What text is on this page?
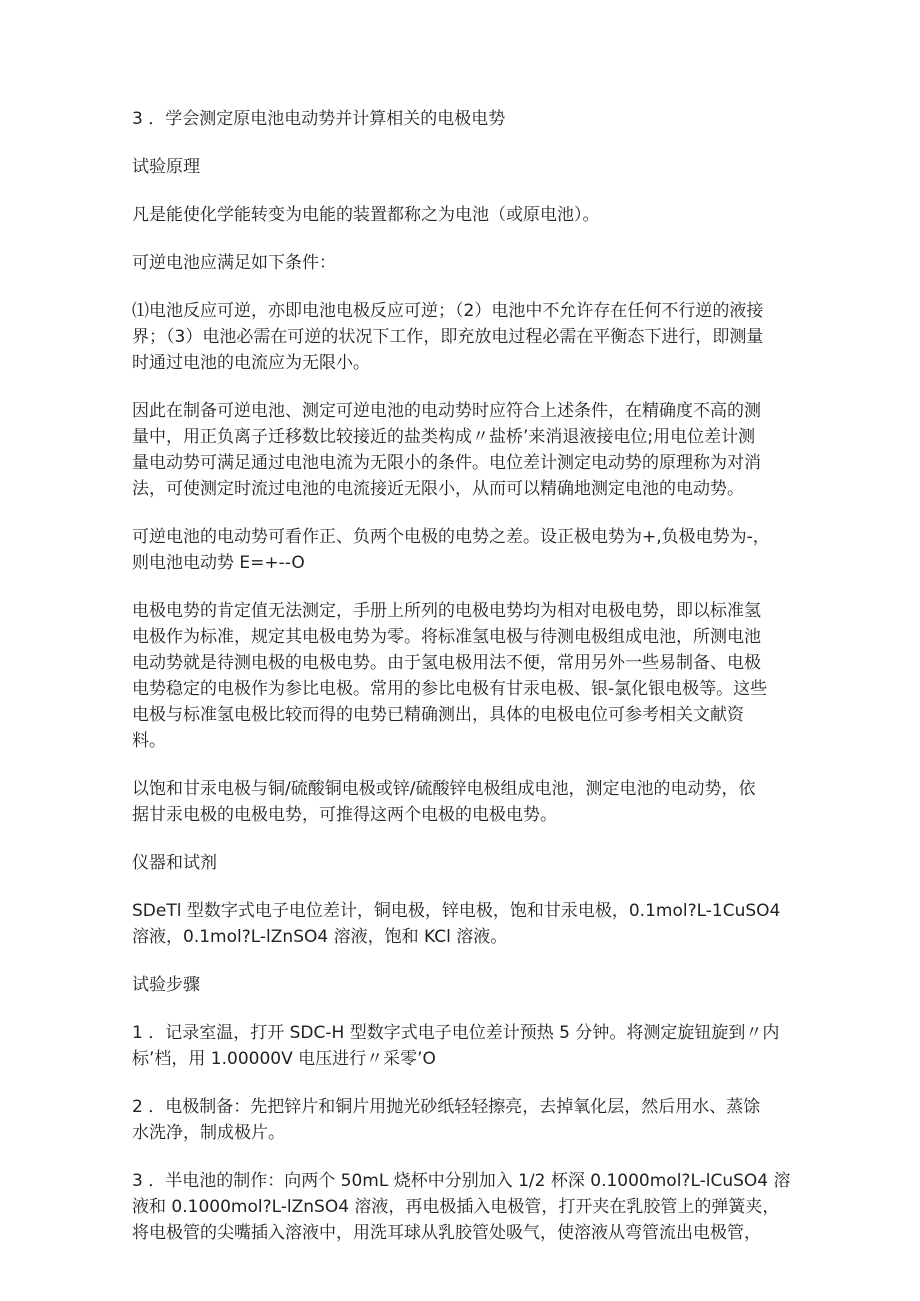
3 ．学会测定原电池电动势并计算相关的电极电势

试验原理

凡是能使化学能转变为电能的装置都称之为电池（或原电池）。

可逆电池应满足如下条件：

⑴电池反应可逆，亦即电池电极反应可逆；（2）电池中不允许存在任何不行逆的液接
界；（3）电池必需在可逆的状况下工作，即充放电过程必需在平衡态下进行，即测量
时通过电池的电流应为无限小。

因此在制备可逆电池、测定可逆电池的电动势时应符合上述条件，在精确度不高的测
量中，用正负离子迁移数比较接近的盐类构成〃盐桥’来消退液接电位;用电位差计测
量电动势可满足通过电池电流为无限小的条件。电位差计测定电动势的原理称为对消
法，可使测定时流过电池的电流接近无限小，从而可以精确地测定电池的电动势。

可逆电池的电动势可看作正、负两个电极的电势之差。设正极电势为+,负极电势为-，
则电池电动势 E=+--O

电极电势的肯定值无法测定，手册上所列的电极电势均为相对电极电势，即以标准氢
电极作为标准，规定其电极电势为零。将标准氢电极与待测电极组成电池，所测电池
电动势就是待测电极的电极电势。由于氢电极用法不便，常用另外一些易制备、电极
电势稳定的电极作为参比电极。常用的参比电极有甘汞电极、银-氯化银电极等。这些
电极与标准氢电极比较而得的电势已精确测出，具体的电极电位可参考相关文献资
料。

以饱和甘汞电极与铜/硫酸铜电极或锌/硫酸锌电极组成电池，测定电池的电动势，依
据甘汞电极的电极电势，可推得这两个电极的电极电势。

仪器和试剂

SDeTl 型数字式电子电位差计，铜电极，锌电极，饱和甘汞电极，0.1mol?L-1CuSO4
溶液，0.1mol?L-lZnSO4 溶液，饱和 KCl 溶液。

试验步骤

1 ．记录室温，打开 SDC-H 型数字式电子电位差计预热 5 分钟。将测定旋钮旋到〃内
标’档，用 1.00000V 电压进行〃采零’O

2 ．电极制备：先把锌片和铜片用抛光砂纸轻轻擦亮，去掉氧化层，然后用水、蒸馀
水洗净，制成极片。

3 ．半电池的制作：向两个 50mL 烧杯中分别加入 1/2 杯深 0.1000mol?L-lCuSO4 溶
液和 0.1000mol?L-lZnSO4 溶液，再电极插入电极管，打开夹在乳胶管上的弹簧夹，
将电极管的尖嘴插入溶液中，用洗耳球从乳胶管处吸气，使溶液从弯管流出电极管，
